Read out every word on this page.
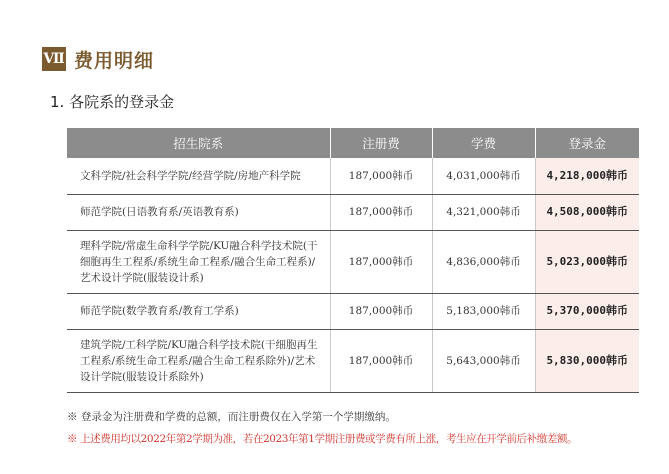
Ⅶ 费用明细
1. 各院系的登录金
招生院系	注册费	学费	登录金
文科学院/社会科学学院/经营学院/房地产科学院	187,000韩币	4,031,000韩币	4,218,000韩币
师范学院(日语教育系/英语教育系)	187,000韩币	4,321,000韩币	4,508,000韩币
理科学院/常虚生命科学学院/KU融合科学技术院(干细胞再生工程系/系统生命工程系/融合生命工程系)/艺术设计学院(服装设计系)	187,000韩币	4,836,000韩币	5,023,000韩币
师范学院(数学教育系/教育工学系)	187,000韩币	5,183,000韩币	5,370,000韩币
建筑学院/工科学院/KU融合科学技术院(干细胞再生工程系/系统生命工程系/融合生命工程系除外)/艺术设计学院(服装设计系除外)	187,000韩币	5,643,000韩币	5,830,000韩币
※ 登录金为注册费和学费的总额，而注册费仅在入学第一个学期缴纳。
※ 上述费用均以2022年第2学期为准，若在2023年第1学期注册费或学费有所上涨，考生应在开学前后补缴差额。
